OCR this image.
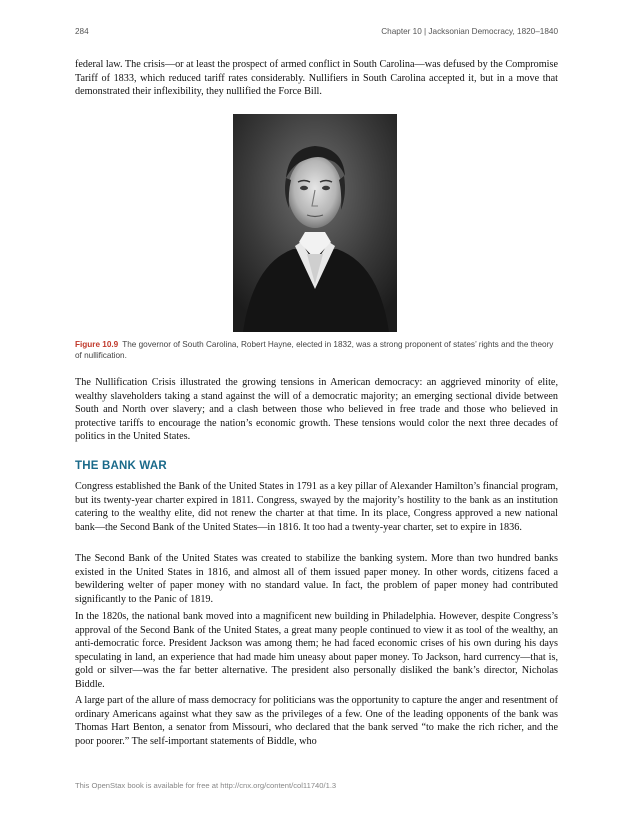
284	Chapter 10 | Jacksonian Democracy, 1820–1840

federal law. The crisis—or at least the prospect of armed conflict in South Carolina—was defused by the Compromise Tariff of 1833, which reduced tariff rates considerably. Nullifiers in South Carolina accepted it, but in a move that demonstrated their inflexibility, they nullified the Force Bill.

Figure 10.9 The governor of South Carolina, Robert Hayne, elected in 1832, was a strong proponent of states’ rights and the theory of nullification.

The Nullification Crisis illustrated the growing tensions in American democracy: an aggrieved minority of elite, wealthy slaveholders taking a stand against the will of a democratic majority; an emerging sectional divide between South and North over slavery; and a clash between those who believed in free trade and those who believed in protective tariffs to encourage the nation’s economic growth. These tensions would color the next three decades of politics in the United States.

THE BANK WAR

Congress established the Bank of the United States in 1791 as a key pillar of Alexander Hamilton’s financial program, but its twenty-year charter expired in 1811. Congress, swayed by the majority’s hostility to the bank as an institution catering to the wealthy elite, did not renew the charter at that time. In its place, Congress approved a new national bank—the Second Bank of the United States—in 1816. It too had a twenty-year charter, set to expire in 1836.

The Second Bank of the United States was created to stabilize the banking system. More than two hundred banks existed in the United States in 1816, and almost all of them issued paper money. In other words, citizens faced a bewildering welter of paper money with no standard value. In fact, the problem of paper money had contributed significantly to the Panic of 1819.

In the 1820s, the national bank moved into a magnificent new building in Philadelphia. However, despite Congress’s approval of the Second Bank of the United States, a great many people continued to view it as tool of the wealthy, an anti-democratic force. President Jackson was among them; he had faced economic crises of his own during his days speculating in land, an experience that had made him uneasy about paper money. To Jackson, hard currency—that is, gold or silver—was the far better alternative. The president also personally disliked the bank’s director, Nicholas Biddle.

A large part of the allure of mass democracy for politicians was the opportunity to capture the anger and resentment of ordinary Americans against what they saw as the privileges of a few. One of the leading opponents of the bank was Thomas Hart Benton, a senator from Missouri, who declared that the bank served “to make the rich richer, and the poor poorer.” The self-important statements of Biddle, who

This OpenStax book is available for free at http://cnx.org/content/col11740/1.3
